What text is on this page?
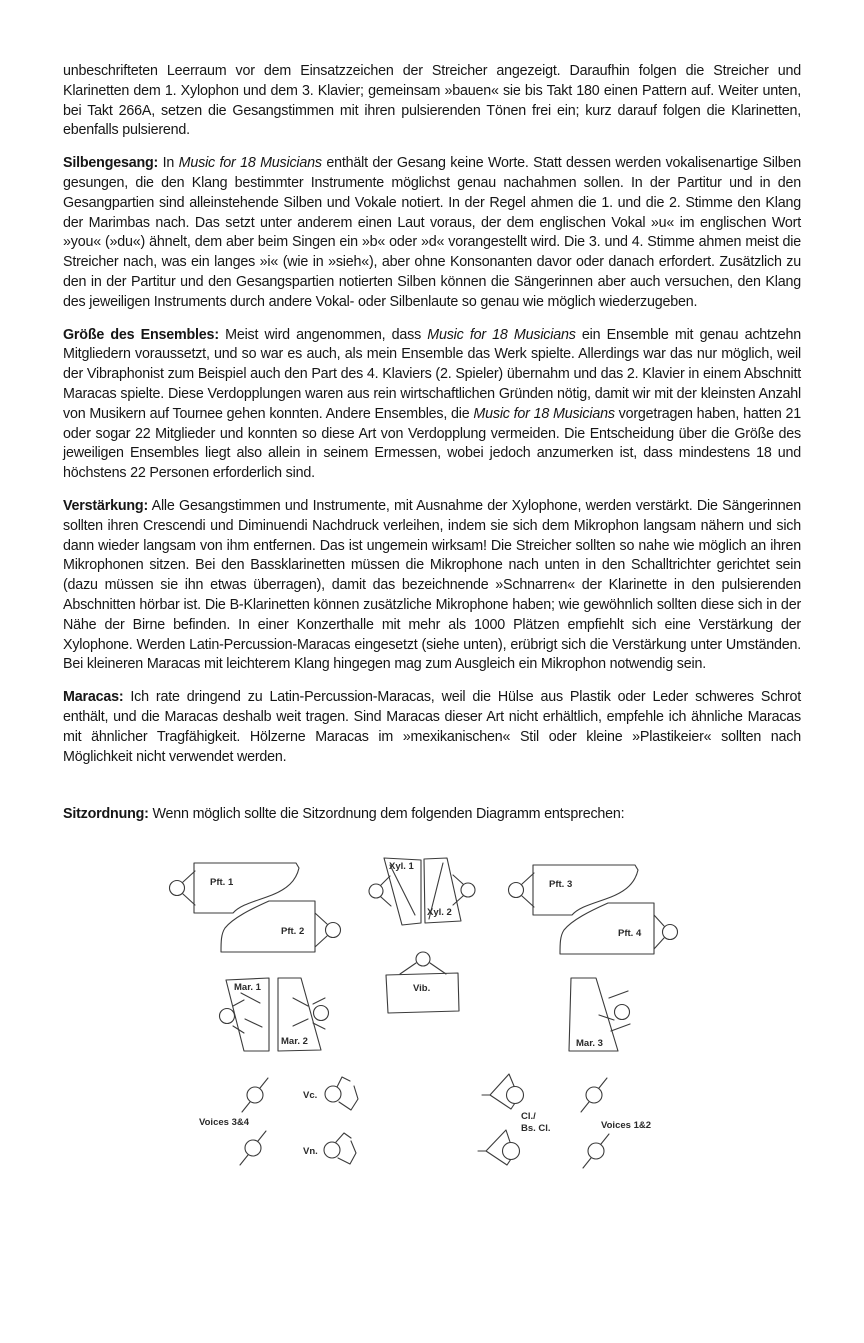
unbeschrifteten Leerraum vor dem Einsatzzeichen der Streicher angezeigt. Daraufhin folgen die Streicher und Klarinetten dem 1. Xylophon und dem 3. Klavier; gemeinsam »bauen« sie bis Takt 180 einen Pattern auf. Weiter unten, bei Takt 266A, setzen die Gesangstimmen mit ihren pulsierenden Tönen frei ein; kurz darauf folgen die Klarinetten, ebenfalls pulsierend.

Silbengesang: In Music for 18 Musicians enthält der Gesang keine Worte. Statt dessen werden vokalisenartige Silben gesungen, die den Klang bestimmter Instrumente möglichst genau nachahmen sollen. In der Partitur und in den Gesangpartien sind alleinstehende Silben und Vokale notiert. In der Regel ahmen die 1. und die 2. Stimme den Klang der Marimbas nach. Das setzt unter anderem einen Laut voraus, der dem englischen Vokal »u« im englischen Wort »you« (»du«) ähnelt, dem aber beim Singen ein »b« oder »d« vorangestellt wird. Die 3. und 4. Stimme ahmen meist die Streicher nach, was ein langes »i« (wie in »sieh«), aber ohne Konsonanten davor oder danach erfordert. Zusätzlich zu den in der Partitur und den Gesangspartien notierten Silben können die Sängerinnen aber auch versuchen, den Klang des jeweiligen Instruments durch andere Vokal- oder Silbenlaute so genau wie möglich wiederzugeben.

Größe des Ensembles: Meist wird angenommen, dass Music for 18 Musicians ein Ensemble mit genau achtzehn Mitgliedern voraussetzt, und so war es auch, als mein Ensemble das Werk spielte. Allerdings war das nur möglich, weil der Vibraphonist zum Beispiel auch den Part des 4. Klaviers (2. Spieler) übernahm und das 2. Klavier in einem Abschnitt Maracas spielte. Diese Verdopplungen waren aus rein wirtschaftlichen Gründen nötig, damit wir mit der kleinsten Anzahl von Musikern auf Tournee gehen konnten. Andere Ensembles, die Music for 18 Musicians vorgetragen haben, hatten 21 oder sogar 22 Mitglieder und konnten so diese Art von Verdopplung vermeiden. Die Entscheidung über die Größe des jeweiligen Ensembles liegt also allein in seinem Ermessen, wobei jedoch anzumerken ist, dass mindestens 18 und höchstens 22 Personen erforderlich sind.

Verstärkung: Alle Gesangstimmen und Instrumente, mit Ausnahme der Xylophone, werden verstärkt. Die Sängerinnen sollten ihren Crescendi und Diminuendi Nachdruck verleihen, indem sie sich dem Mikrophon langsam nähern und sich dann wieder langsam von ihm entfernen. Das ist ungemein wirksam! Die Streicher sollten so nahe wie möglich an ihren Mikrophonen sitzen. Bei den Bassklarinetten müssen die Mikrophone nach unten in den Schalltrichter gerichtet sein (dazu müssen sie ihn etwas überragen), damit das bezeichnende »Schnarren« der Klarinette in den pulsierenden Abschnitten hörbar ist. Die B-Klarinetten können zusätzliche Mikrophone haben; wie gewöhnlich sollten diese sich in der Nähe der Birne befinden. In einer Konzerthalle mit mehr als 1000 Plätzen empfiehlt sich eine Verstärkung der Xylophone. Werden Latin-Percussion-Maracas eingesetzt (siehe unten), erübrigt sich die Verstärkung unter Umständen. Bei kleineren Maracas mit leichterem Klang hingegen mag zum Ausgleich ein Mikrophon notwendig sein.

Maracas: Ich rate dringend zu Latin-Percussion-Maracas, weil die Hülse aus Plastik oder Leder schweres Schrot enthält, und die Maracas deshalb weit tragen. Sind Maracas dieser Art nicht erhältlich, empfehle ich ähnliche Maracas mit ähnlicher Tragfähigkeit. Hölzerne Maracas im »mexikanischen« Stil oder kleine »Plastikeier« sollten nach Möglichkeit nicht verwendet werden.

Sitzordnung: Wenn möglich sollte die Sitzordnung dem folgenden Diagramm entsprechen:

Pft. 1
Pft. 2
Xyl. 1
Xyl. 2
Pft. 3
Pft. 4
Mar. 1
Mar. 2
Vib.
Mar. 3
Voices 3&4
Vc.
Vn.
Cl./
Bs. Cl.	Voices 1&2
